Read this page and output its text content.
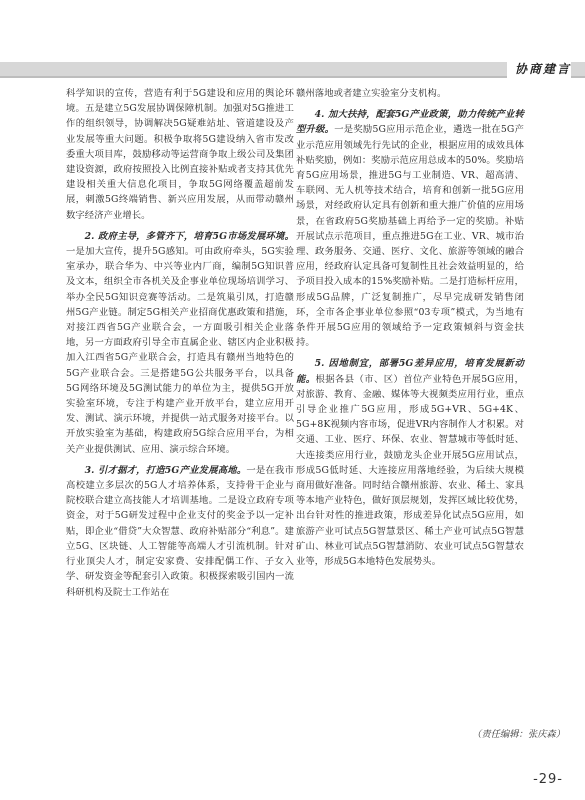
协商建言

科学知识的宣传，营造有利于5G建设和应用的舆论环境。五是建立5G发展协调保障机制。加强对5G推进工作的组织领导，协调解决5G疑难站址、管道建设及产业发展等重大问题。积极争取将5G建设纳入省市发改委重大项目库，鼓励移动等运营商争取上级公司及集团建设资源，政府按照投入比例直接补贴或者支持其优先建设相关重大信息化项目，争取5G网络覆盖超前发展，刺激5G终端销售、新兴应用发展，从而带动赣州数字经济产业增长。

2. 政府主导，多管齐下，培育5G市场发展环境。一是加大宣传，提升5G感知。可由政府牵头，5G实验室承办，联合华为、中兴等业内厂商，编制5G知识普及文本，组织全市各机关及企事业单位现场培训学习、举办全民5G知识竞赛等活动。二是筑巢引凤，打造赣州5G产业链。制定5G相关产业招商优惠政策和措施，对接江西省5G产业联合会，一方面吸引相关企业落地，另一方面政府引导全市直属企业、辖区内企业积极加入江西省5G产业联合会，打造具有赣州当地特色的5G产业联合会。三是搭建5G公共服务平台，以具备5G网络环境及5G测试能力的单位为主，提供5G开放实验室环境，专注于构建产业开放平台，建立应用开发、测试、演示环境，并提供一站式服务对接平台。以开放实验室为基础，构建政府5G综合应用平台，为相关产业提供测试、应用、演示综合环境。

3. 引才据才，打造5G产业发展高地。一是在我市高校建立多层次的5G人才培养体系，支持骨干企业与院校联合建立高技能人才培训基地。二是设立政府专项资金，对于5G研发过程中企业支付的奖金予以一定补贴，即企业“借贷”大众智慧、政府补贴部分“利息”。建立5G、区块链、人工智能等高端人才引流机制。针对行业顶尖人才，制定安家费、安排配偶工作、子女入学、研发资金等配套引入政策。积极探索吸引国内一流科研机构及院士工作站在

赣州落地或者建立实验室分支机构。

4. 加大扶持，配套5G产业政策，助力传统产业转型升级。一是奖励5G应用示范企业，遴选一批在5G产业示范应用领域先行先试的企业，根据应用的成效具体补贴奖励，例如：奖励示范应用总成本的50%。奖励培育5G应用场景，推进5G与工业制造、VR、超高清、车联网、无人机等技术结合，培育和创新一批5G应用场景，对经政府认定具有创新和重大推广价值的应用场景，在省政府5G奖励基础上再给予一定的奖励。补贴开展试点示范项目，重点推进5G在工业、VR、城市治理、政务服务、交通、医疗、文化、旅游等领域的融合应用，经政府认定具备可复制性且社会效益明显的，给予项目投入成本的15%奖励补贴。二是打造标杆应用，形成5G品牌，广泛复制推广，尽早完成研发销售闭环，全市各企事业单位参照“03专项”模式，为当地有条件开展5G应用的领域给予一定政策倾斜与资金扶持。

5. 因地制宜，部署5G差异应用，培育发展新动能。根据各县（市、区）首位产业特色开展5G应用，对旅游、教育、金融、媒体等大视频类应用行业，重点引导企业推广5G应用，形成5G+VR、5G+4K、5G+8K视频内容市场，促进VR内容制作人才积累。对交通、工业、医疗、环保、农业、智慧城市等低时延、大连接类应用行业，鼓励龙头企业开展5G应用试点，形成5G低时延、大连接应用落地经验，为后续大规模商用做好准备。同时结合赣州旅游、农业、稀土、家具等本地产业特色，做好顶层规划，发挥区域比较优势，出台针对性的推进政策，形成差异化试点5G应用，如旅游产业可试点5G智慧景区、稀土产业可试点5G智慧矿山、林业可试点5G智慧消防、农业可试点5G智慧农业等，形成5G本地特色发展势头。

（责任编辑：张庆森）
-29-
